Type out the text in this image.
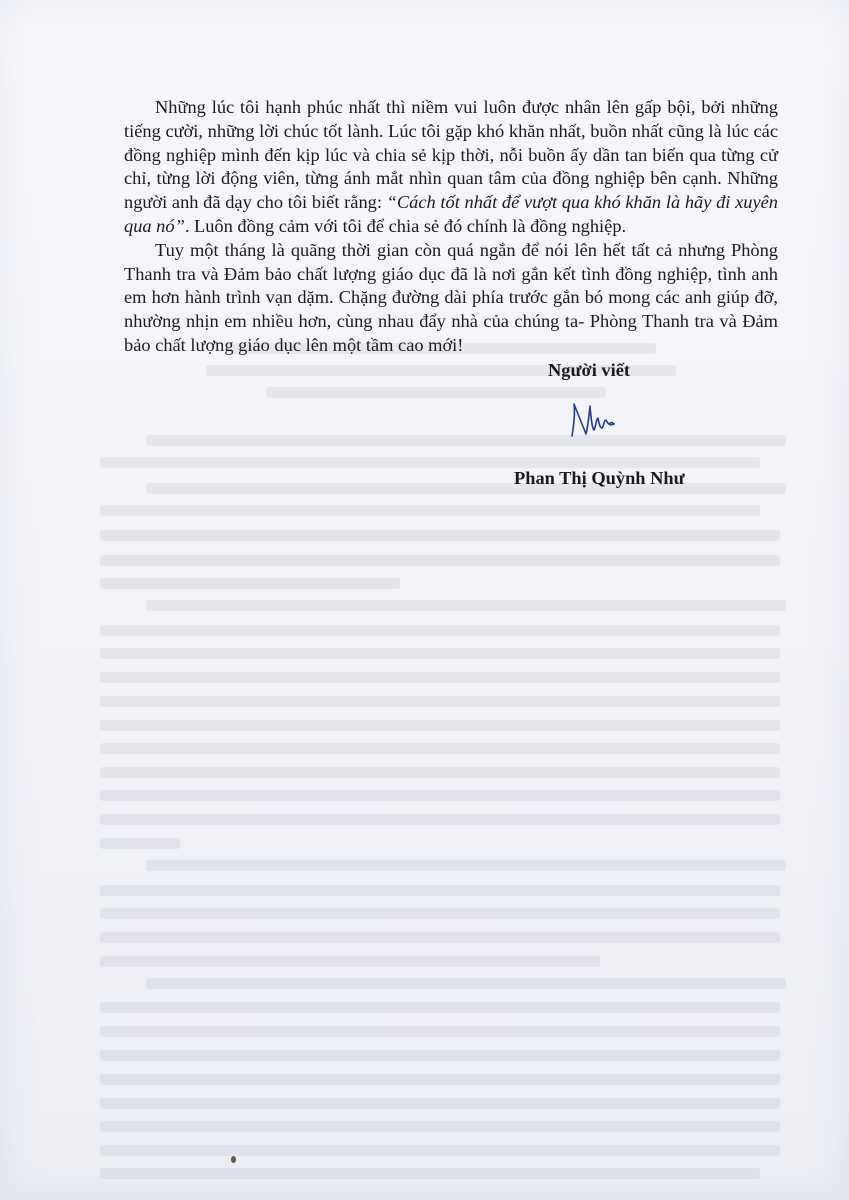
Những lúc tôi hạnh phúc nhất thì niềm vui luôn được nhân lên gấp bội, bởi những tiếng cười, những lời chúc tốt lành. Lúc tôi gặp khó khăn nhất, buồn nhất cũng là lúc các đồng nghiệp mình đến kịp lúc và chia sẻ kịp thời, nỗi buồn ấy dần tan biến qua từng cử chỉ, từng lời động viên, từng ánh mắt nhìn quan tâm của đồng nghiệp bên cạnh. Những người anh đã dạy cho tôi biết rằng: “Cách tốt nhất để vượt qua khó khăn là hãy đi xuyên qua nó”. Luôn đồng cảm với tôi để chia sẻ đó chính là đồng nghiệp.

Tuy một tháng là quãng thời gian còn quá ngắn để nói lên hết tất cả nhưng Phòng Thanh tra và Đảm bảo chất lượng giáo dục đã là nơi gắn kết tình đồng nghiệp, tình anh em hơn hành trình vạn dặm. Chặng đường dài phía trước gắn bó mong các anh giúp đỡ, nhường nhịn em nhiều hơn, cùng nhau đẩy nhà của chúng ta- Phòng Thanh tra và Đảm bảo chất lượng giáo dục lên một tầm cao mới!

Người viết
Phan Thị Quỳnh Như
